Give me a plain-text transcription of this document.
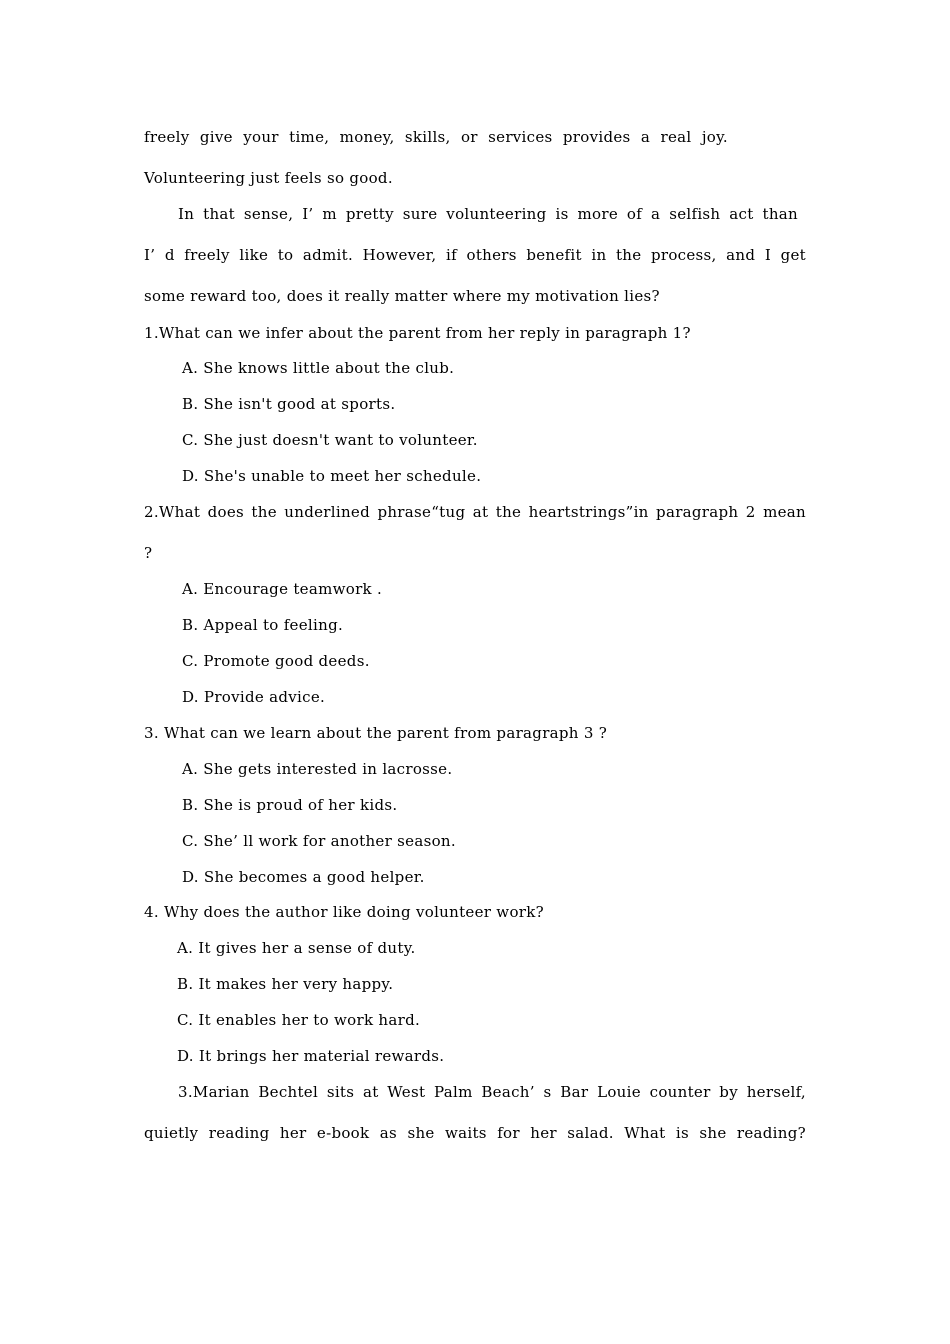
freely give your time, money, skills, or services provides a real joy.
Volunteering just feels so good.
In that sense, I’ m pretty sure volunteering is more of a selfish act than
I’ d freely like to admit. However, if others benefit in the process, and I get
some reward too, does it really matter where my motivation lies?
1.What can we infer about the parent from her reply in paragraph 1?
A. She knows little about the club.
B. She isn't good at sports.
C. She just doesn't want to volunteer.
D. She's unable to meet her schedule.
2.What does the underlined phrase“tug at the heartstrings”in paragraph 2 mean
?
A. Encourage teamwork .
B. Appeal to feeling.
C. Promote good deeds.
D. Provide advice.
3. What can we learn about the parent from paragraph 3 ?
A. She gets interested in lacrosse.
B. She is proud of her kids.
C. She’ ll work for another season.
D. She becomes a good helper.
4. Why does the author like doing volunteer work?
A. It gives her a sense of duty.
B. It makes her very happy.
C. It enables her to work hard.
D. It brings her material rewards.
3.Marian Bechtel sits at West Palm Beach’ s Bar Louie counter by herself,
quietly reading her e-book as she waits for her salad. What is she reading?
